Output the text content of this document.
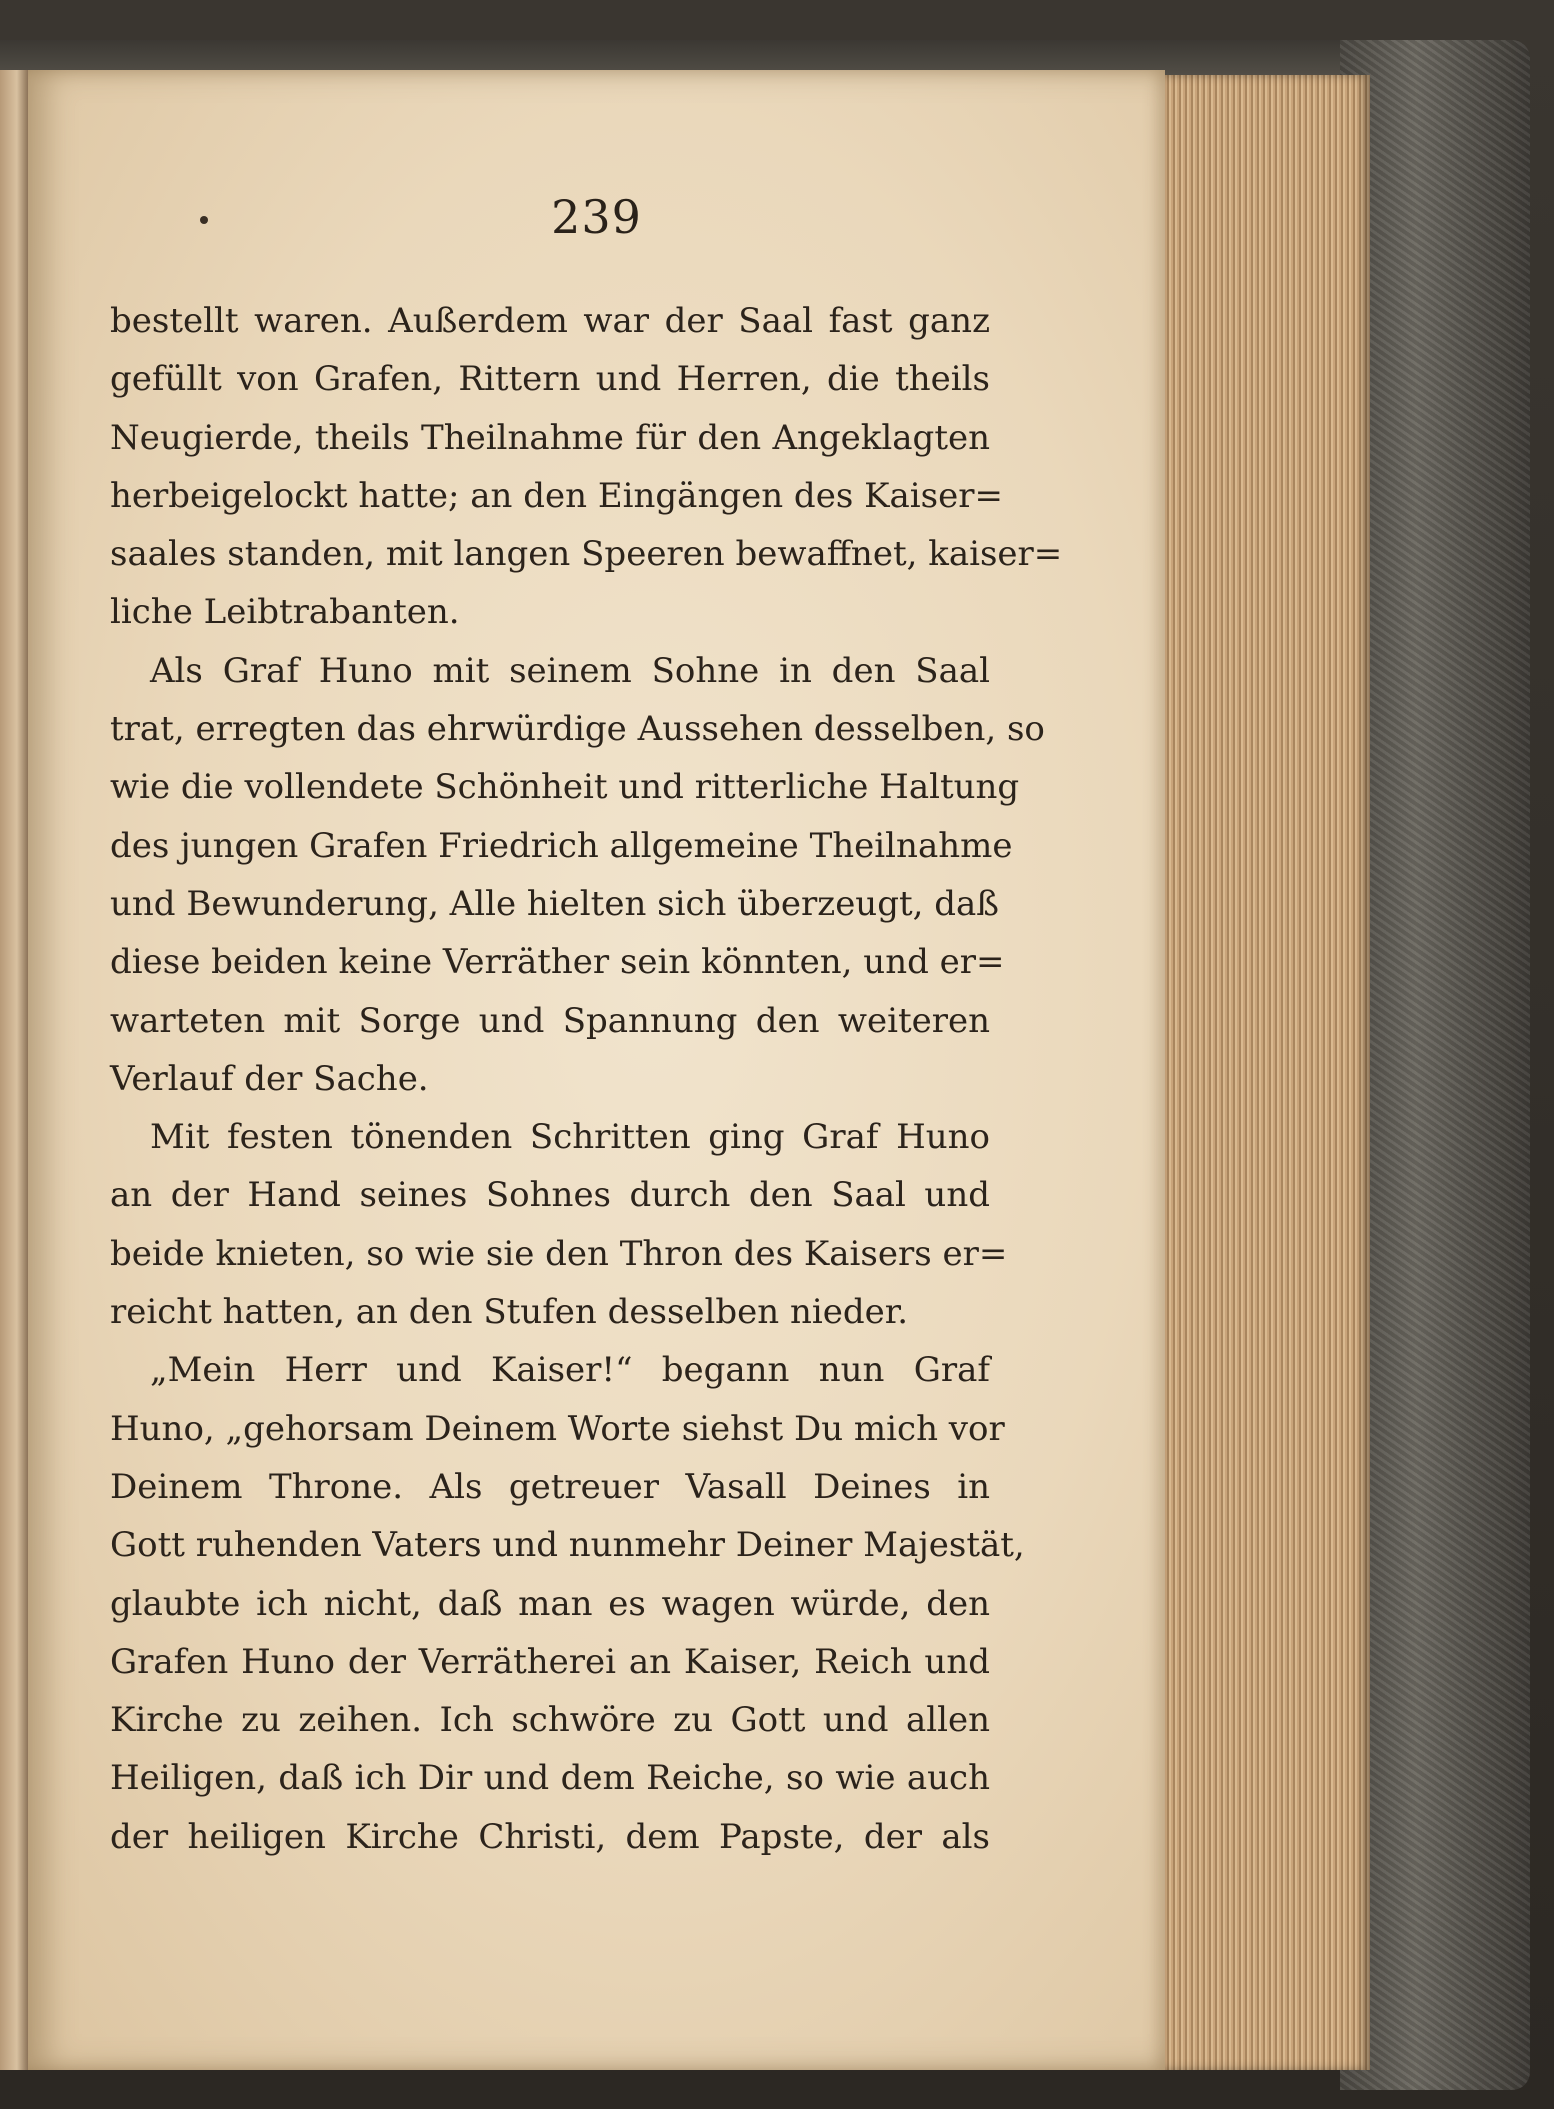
239
bestellt waren. Außerdem war der Saal fast ganz
gefüllt von Grafen, Rittern und Herren, die theils
Neugierde, theils Theilnahme für den Angeklagten
herbeigelockt hatte; an den Eingängen des Kaiser=
saales standen, mit langen Speeren bewaffnet, kaiser=
liche Leibtrabanten.
Als Graf Huno mit seinem Sohne in den Saal
trat, erregten das ehrwürdige Aussehen desselben, so
wie die vollendete Schönheit und ritterliche Haltung
des jungen Grafen Friedrich allgemeine Theilnahme
und Bewunderung, Alle hielten sich überzeugt, daß
diese beiden keine Verräther sein könnten, und er=
warteten mit Sorge und Spannung den weiteren
Verlauf der Sache.
Mit festen tönenden Schritten ging Graf Huno
an der Hand seines Sohnes durch den Saal und
beide knieten, so wie sie den Thron des Kaisers er=
reicht hatten, an den Stufen desselben nieder.
„Mein Herr und Kaiser!“ begann nun Graf
Huno, „gehorsam Deinem Worte siehst Du mich vor
Deinem Throne. Als getreuer Vasall Deines in
Gott ruhenden Vaters und nunmehr Deiner Majestät,
glaubte ich nicht, daß man es wagen würde, den
Grafen Huno der Verrätherei an Kaiser, Reich und
Kirche zu zeihen. Ich schwöre zu Gott und allen
Heiligen, daß ich Dir und dem Reiche, so wie auch
der heiligen Kirche Christi, dem Papste, der als
